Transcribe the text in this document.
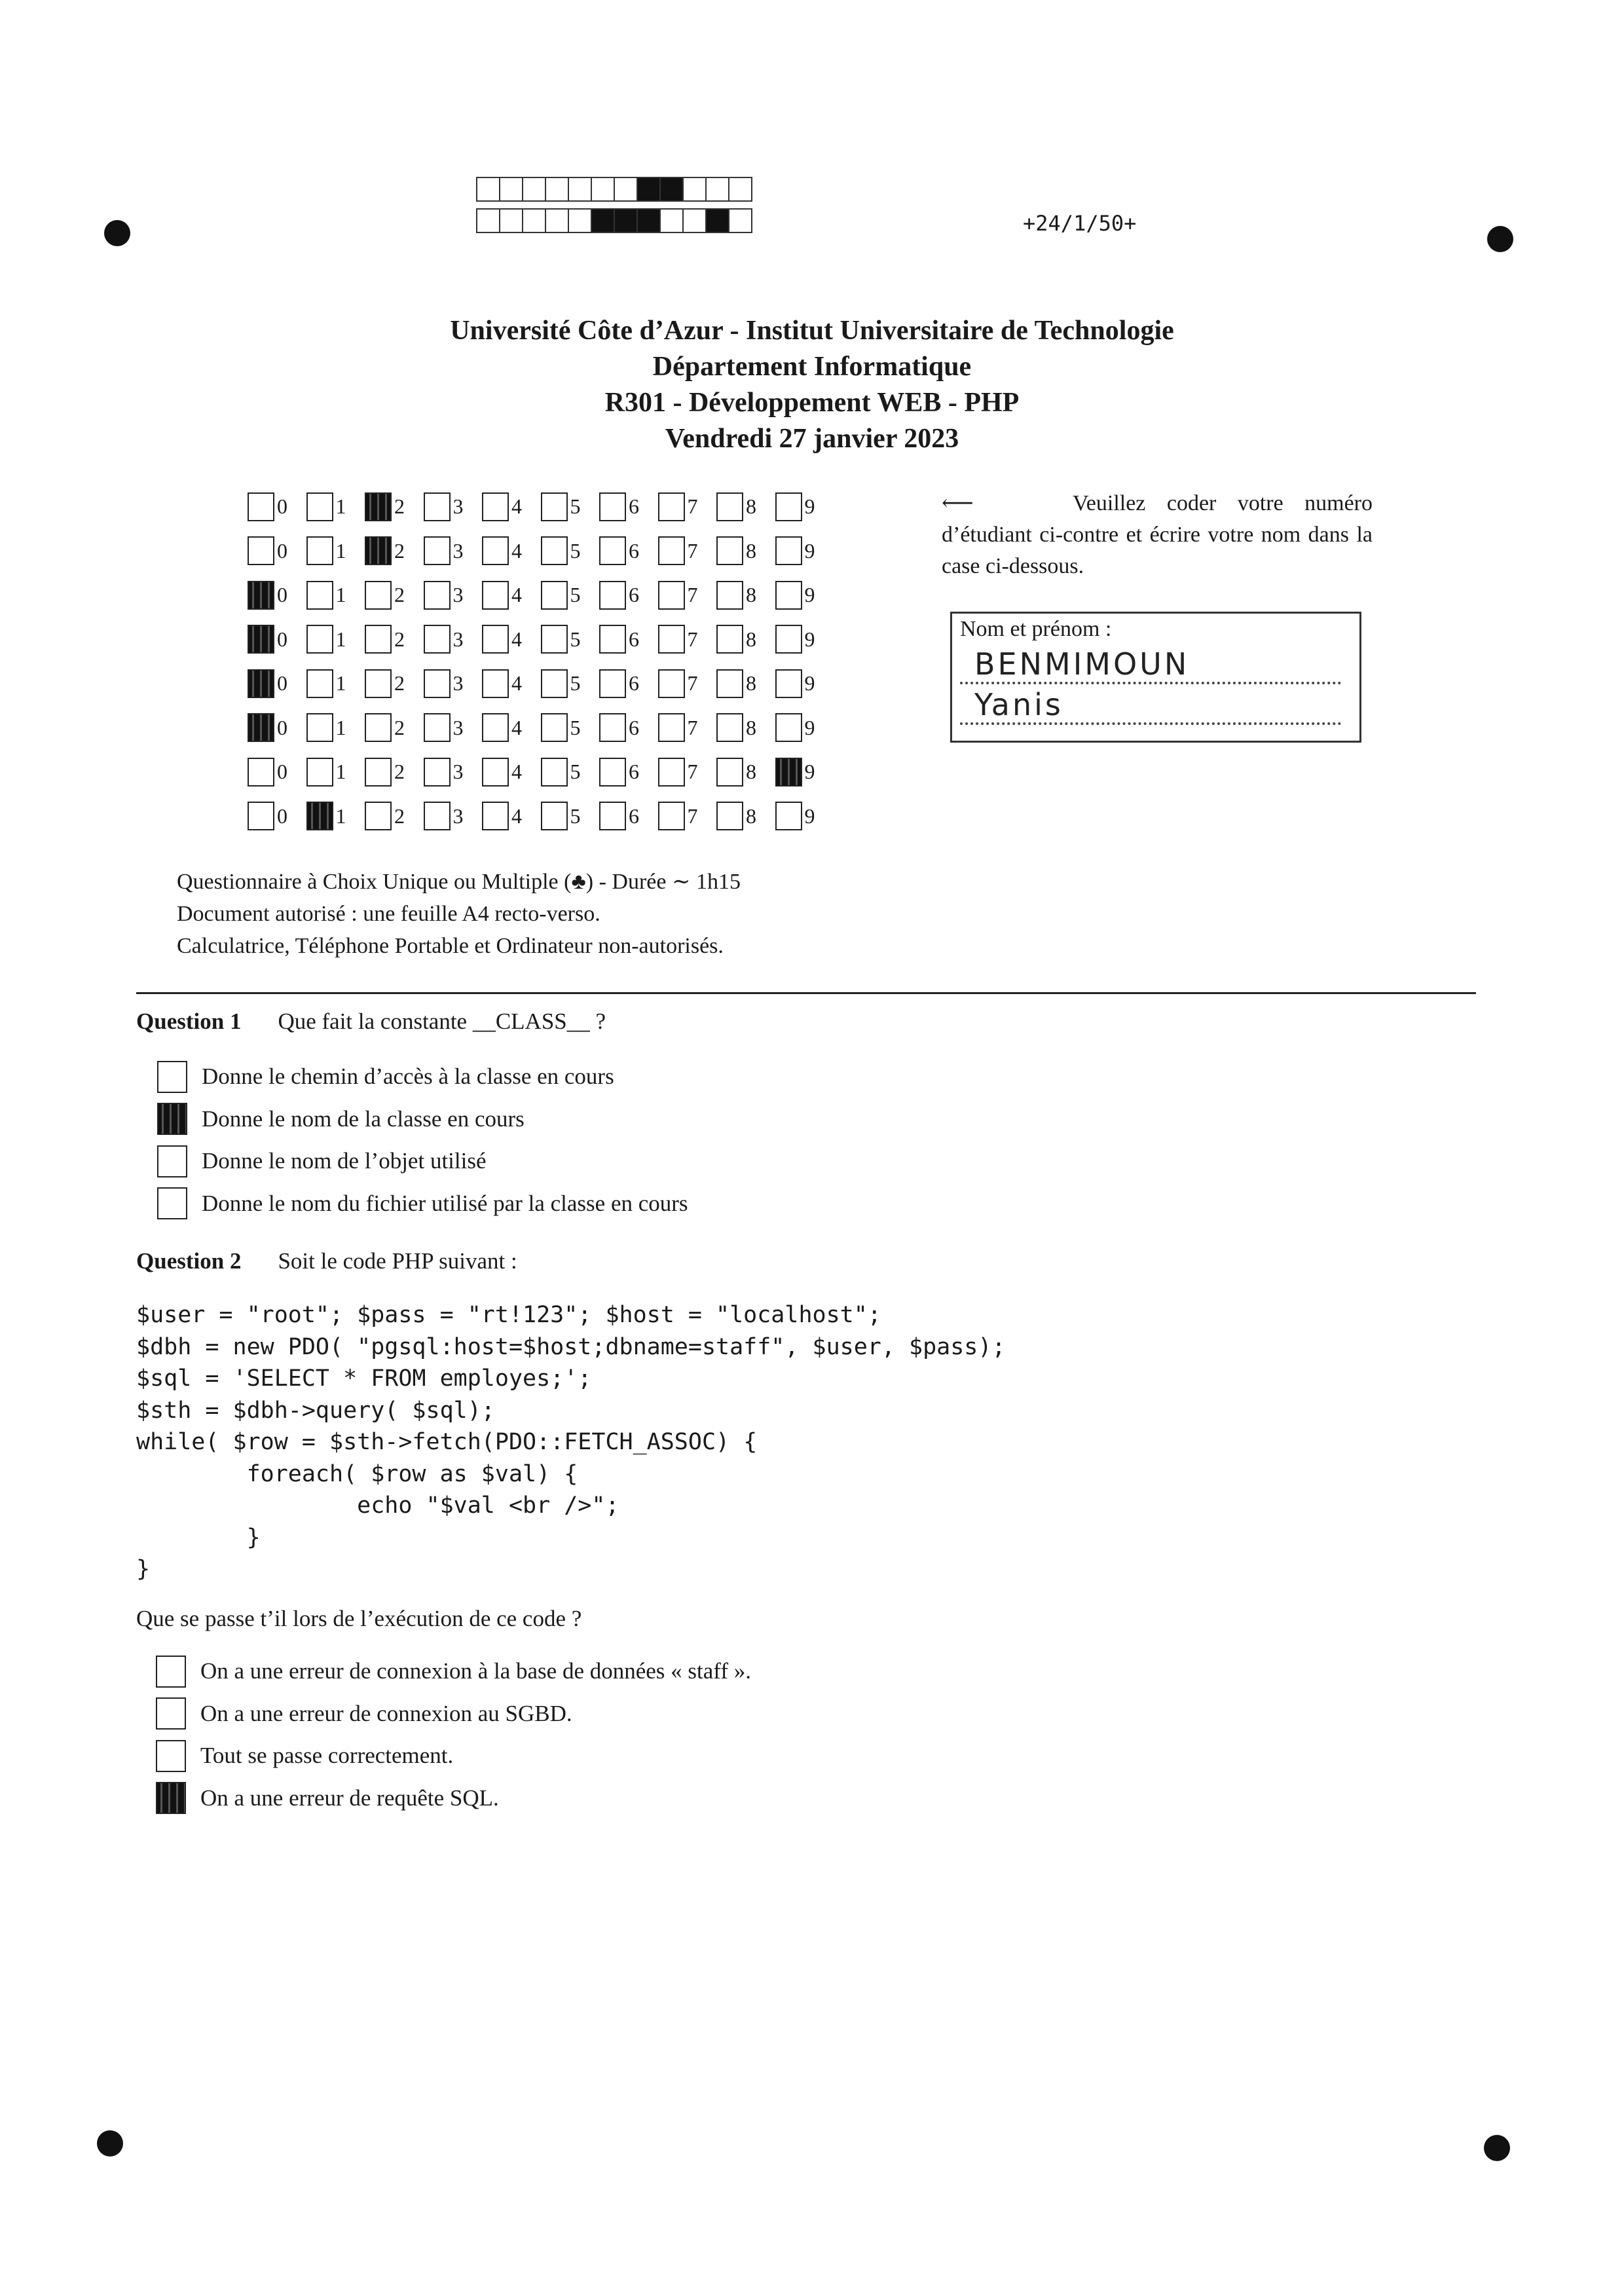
+24/1/50+
Université Côte d’Azur - Institut Universitaire de Technologie
Département Informatique
R301 - Développement WEB - PHP
Vendredi 27 janvier 2023
0 1 2 3 4 5 6 7 8 9
0 1 2 3 4 5 6 7 8 9
0 1 2 3 4 5 6 7 8 9
0 1 2 3 4 5 6 7 8 9
0 1 2 3 4 5 6 7 8 9
0 1 2 3 4 5 6 7 8 9
0 1 2 3 4 5 6 7 8 9
0 1 2 3 4 5 6 7 8 9
⟵	Veuillez coder votre numéro d’étudiant ci-contre et écrire votre nom dans la case ci-dessous.
Nom et prénom :
BENMIMOUN
Yanis
Questionnaire à Choix Unique ou Multiple (♣) - Durée ∼ 1h15
Document autorisé : une feuille A4 recto-verso.
Calculatrice, Téléphone Portable et Ordinateur non-autorisés.
Question 1 Que fait la constante __CLASS__ ?
Donne le chemin d’accès à la classe en cours
Donne le nom de la classe en cours
Donne le nom de l’objet utilisé
Donne le nom du fichier utilisé par la classe en cours
Question 2 Soit le code PHP suivant :
$user = "root"; $pass = "rt!123"; $host = "localhost";
$dbh = new PDO( "pgsql:host=$host;dbname=staff", $user, $pass);
$sql = 'SELECT * FROM employes;';
$sth = $dbh->query( $sql);
while( $row = $sth->fetch(PDO::FETCH_ASSOC) {
foreach( $row as $val) {
echo "$val <br />";
}
}
Que se passe t’il lors de l’exécution de ce code ?
On a une erreur de connexion à la base de données « staff ».
On a une erreur de connexion au SGBD.
Tout se passe correctement.
On a une erreur de requête SQL.
